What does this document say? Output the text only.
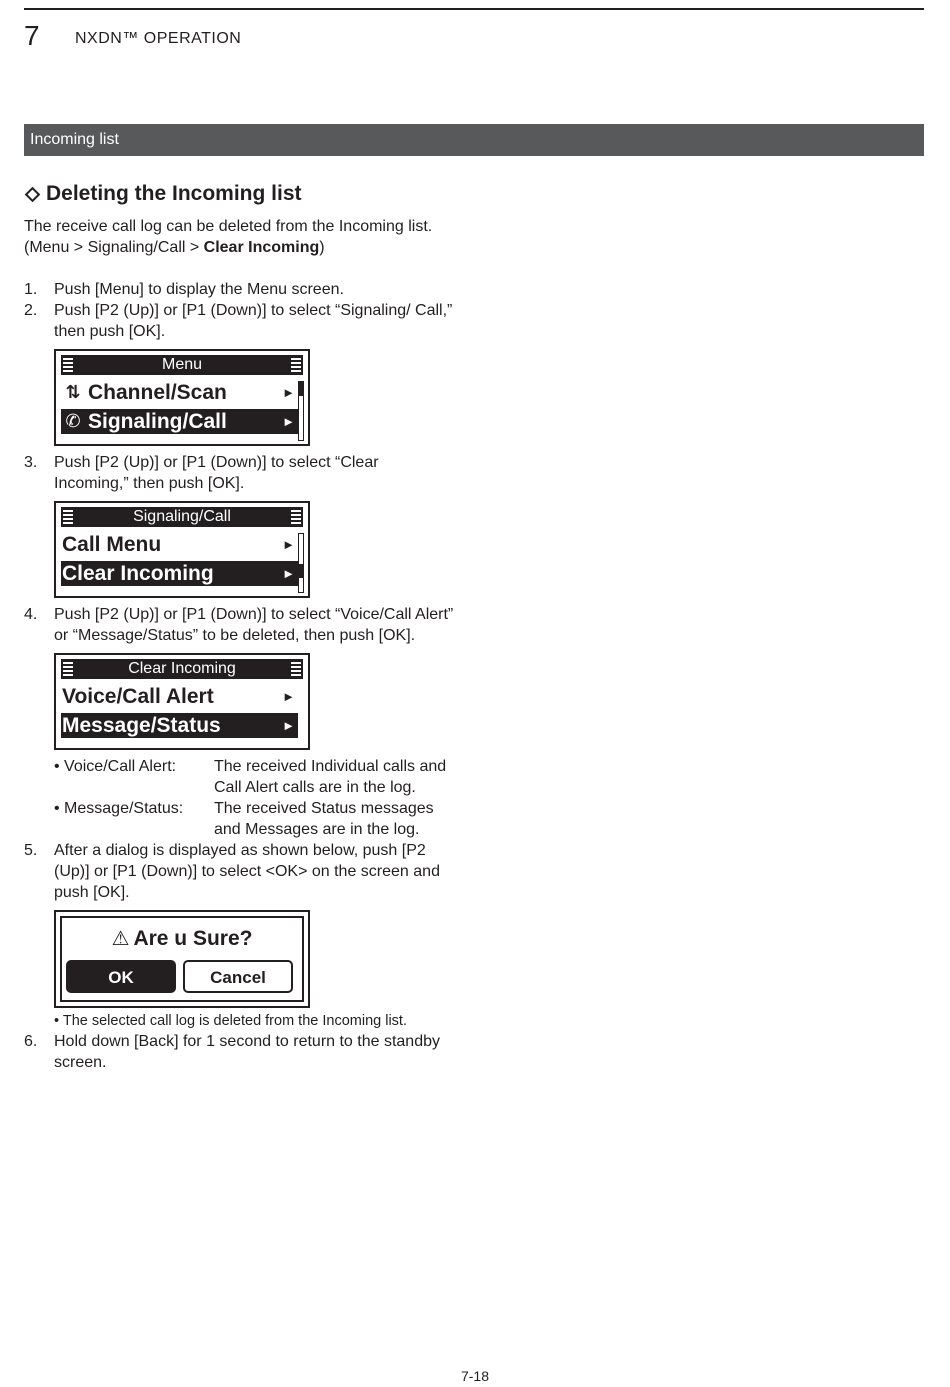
7 NXDN™ OPERATION
Incoming list
Deleting the Incoming list

The receive call log can be deleted from the Incoming list.

(Menu > Signaling/Call > Clear Incoming)

1.	Push [Menu] to display the Menu screen.
2.	Push [P2 (Up)] or [P1 (Down)] to select “Signaling/ Call,” then push [OK].
Menu
⇅ Channel/Scan	►
✆ Signaling/Call	►
3.	Push [P2 (Up)] or [P1 (Down)] to select “Clear Incoming,” then push [OK].
Signaling/Call
Call Menu	►
Clear Incoming	►
4.	Push [P2 (Up)] or [P1 (Down)] to select “Voice/Call Alert” or “Message/Status” to be deleted, then push [OK].
Clear Incoming
Voice/Call Alert	►
Message/Status	►
• Voice/Call Alert:	The received Individual calls and Call Alert calls are in the log.
• Message/Status:	The received Status messages and Messages are in the log.
5.	After a dialog is displayed as shown below, push [P2 (Up)] or [P1 (Down)] to select <OK> on the screen and push [OK].
⚠ Are u Sure?
OK	Cancel

• The selected call log is deleted from the Incoming list.

6.	Hold down [Back] for 1 second to return to the standby screen.
7-18
